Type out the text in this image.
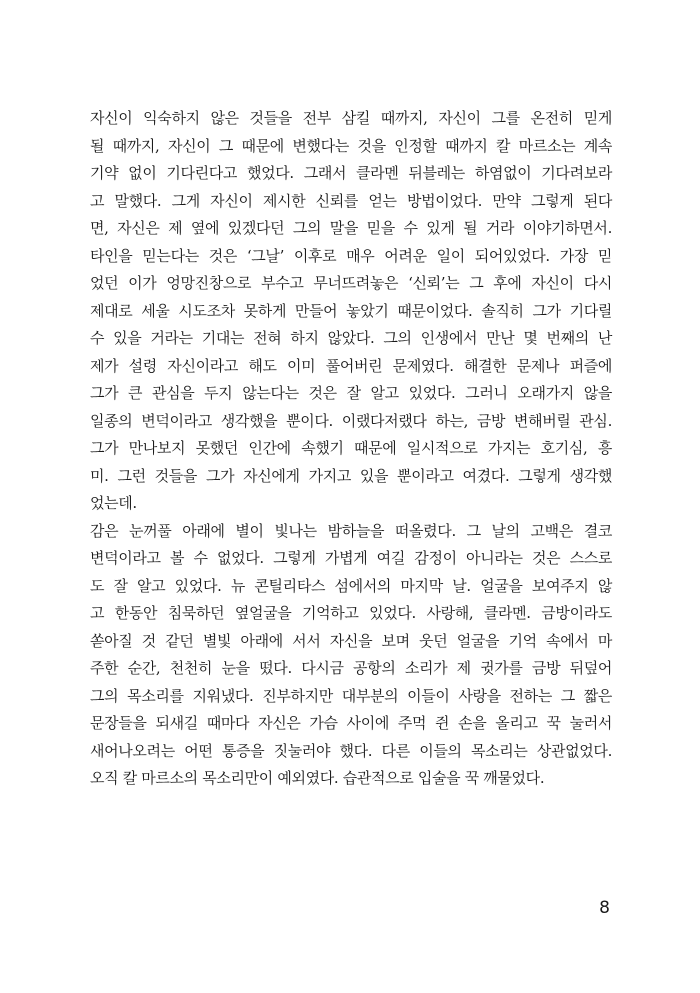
자신이 익숙하지 않은 것들을 전부 삼킬 때까지, 자신이 그를 온전히 믿게
될 때까지, 자신이 그 때문에 변했다는 것을 인정할 때까지 칼 마르소는 계속
기약 없이 기다린다고 했었다. 그래서 클라멘 뒤블레는 하염없이 기다려보라
고 말했다. 그게 자신이 제시한 신뢰를 얻는 방법이었다. 만약 그렇게 된다
면, 자신은 제 옆에 있겠다던 그의 말을 믿을 수 있게 될 거라 이야기하면서.
타인을 믿는다는 것은 ‘그날’ 이후로 매우 어려운 일이 되어있었다. 가장 믿
었던 이가 엉망진창으로 부수고 무너뜨려놓은 ‘신뢰’는 그 후에 자신이 다시
제대로 세울 시도조차 못하게 만들어 놓았기 때문이었다. 솔직히 그가 기다릴
수 있을 거라는 기대는 전혀 하지 않았다. 그의 인생에서 만난 몇 번째의 난
제가 설령 자신이라고 해도 이미 풀어버린 문제였다. 해결한 문제나 퍼즐에
그가 큰 관심을 두지 않는다는 것은 잘 알고 있었다. 그러니 오래가지 않을
일종의 변덕이라고 생각했을 뿐이다. 이랬다저랬다 하는, 금방 변해버릴 관심.
그가 만나보지 못했던 인간에 속했기 때문에 일시적으로 가지는 호기심, 흥
미. 그런 것들을 그가 자신에게 가지고 있을 뿐이라고 여겼다. 그렇게 생각했
었는데.
감은 눈꺼풀 아래에 별이 빛나는 밤하늘을 떠올렸다. 그 날의 고백은 결코
변덕이라고 볼 수 없었다. 그렇게 가볍게 여길 감정이 아니라는 것은 스스로
도 잘 알고 있었다. 뉴 콘틸리타스 섬에서의 마지막 날. 얼굴을 보여주지 않
고 한동안 침묵하던 옆얼굴을 기억하고 있었다. 사랑해, 클라멘. 금방이라도
쏟아질 것 같던 별빛 아래에 서서 자신을 보며 웃던 얼굴을 기억 속에서 마
주한 순간, 천천히 눈을 떴다. 다시금 공항의 소리가 제 귓가를 금방 뒤덮어
그의 목소리를 지워냈다. 진부하지만 대부분의 이들이 사랑을 전하는 그 짧은
문장들을 되새길 때마다 자신은 가슴 사이에 주먹 쥔 손을 올리고 꾹 눌러서
새어나오려는 어떤 통증을 짓눌러야 했다. 다른 이들의 목소리는 상관없었다.
오직 칼 마르소의 목소리만이 예외였다. 습관적으로 입술을 꾹 깨물었다.
8
